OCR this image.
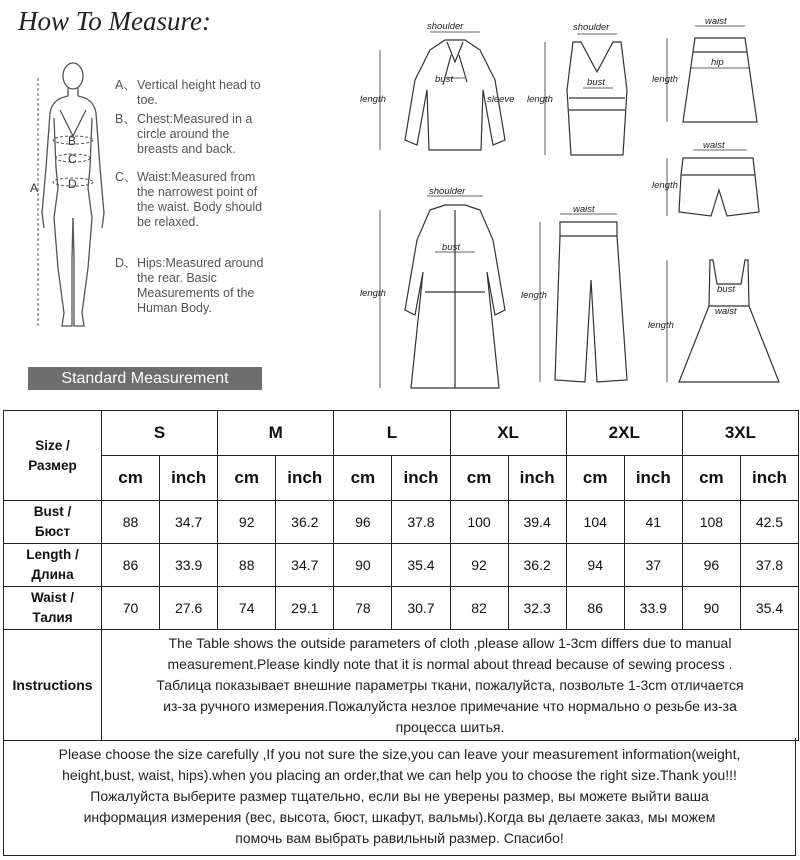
How To Measure:
A
B
C
D
A、Vertical height head to toe.
B、Chest:Measured in a circle around the breasts and back.
C、Waist:Measured from the narrowest point of the waist. Body should be relaxed.
D、Hips:Measured around the rear. Basic Measurements of the Human Body.
Standard Measurement
shoulder
bust
length	sleeve
shoulder
bust
length
waist
hip
length
waist
length
shoulder
bust
length
waist
length
bust
waist
length
Size /
Размер	S		M		L		XL		2XL		3XL	
	cm	inch	cm	inch	cm	inch	cm	inch	cm	inch	cm	inch
Bust /
Бюст	88	34.7	92	36.2	96	37.8	100	39.4	104	41	108	42.5
Length /
Длина	86	33.9	88	34.7	90	35.4	92	36.2	94	37	96	37.8
Waist /
Талия	70	27.6	74	29.1	78	30.7	82	32.3	86	33.9	90	35.4
Instructions	The Table shows the outside parameters of cloth ,please allow 1-3cm differs due to manual
measurement.Please kindly note that it is normal about thread because of sewing process .
Таблица показывает внешние параметры ткани, пожалуйста, позвольте 1-3cm отличается
из-за ручного измерения.Пожалуйста незлое примечание что нормально о резьбе из-за
процесса шитья.											
Please choose the size carefully ,If you not sure the size,you can leave your measurement information(weight,
height,bust, waist, hips).when you placing an order,that we can help you to choose the right size.Thank you!!!
Пожалуйста выберите размер тщательно, если вы не уверены размер, вы можете выйти ваша
информация измерения (вес, высота, бюст, шкафут, вальмы).Когда вы делаете заказ, мы можем
помочь вам выбрать равильный размер. Спасибо!
